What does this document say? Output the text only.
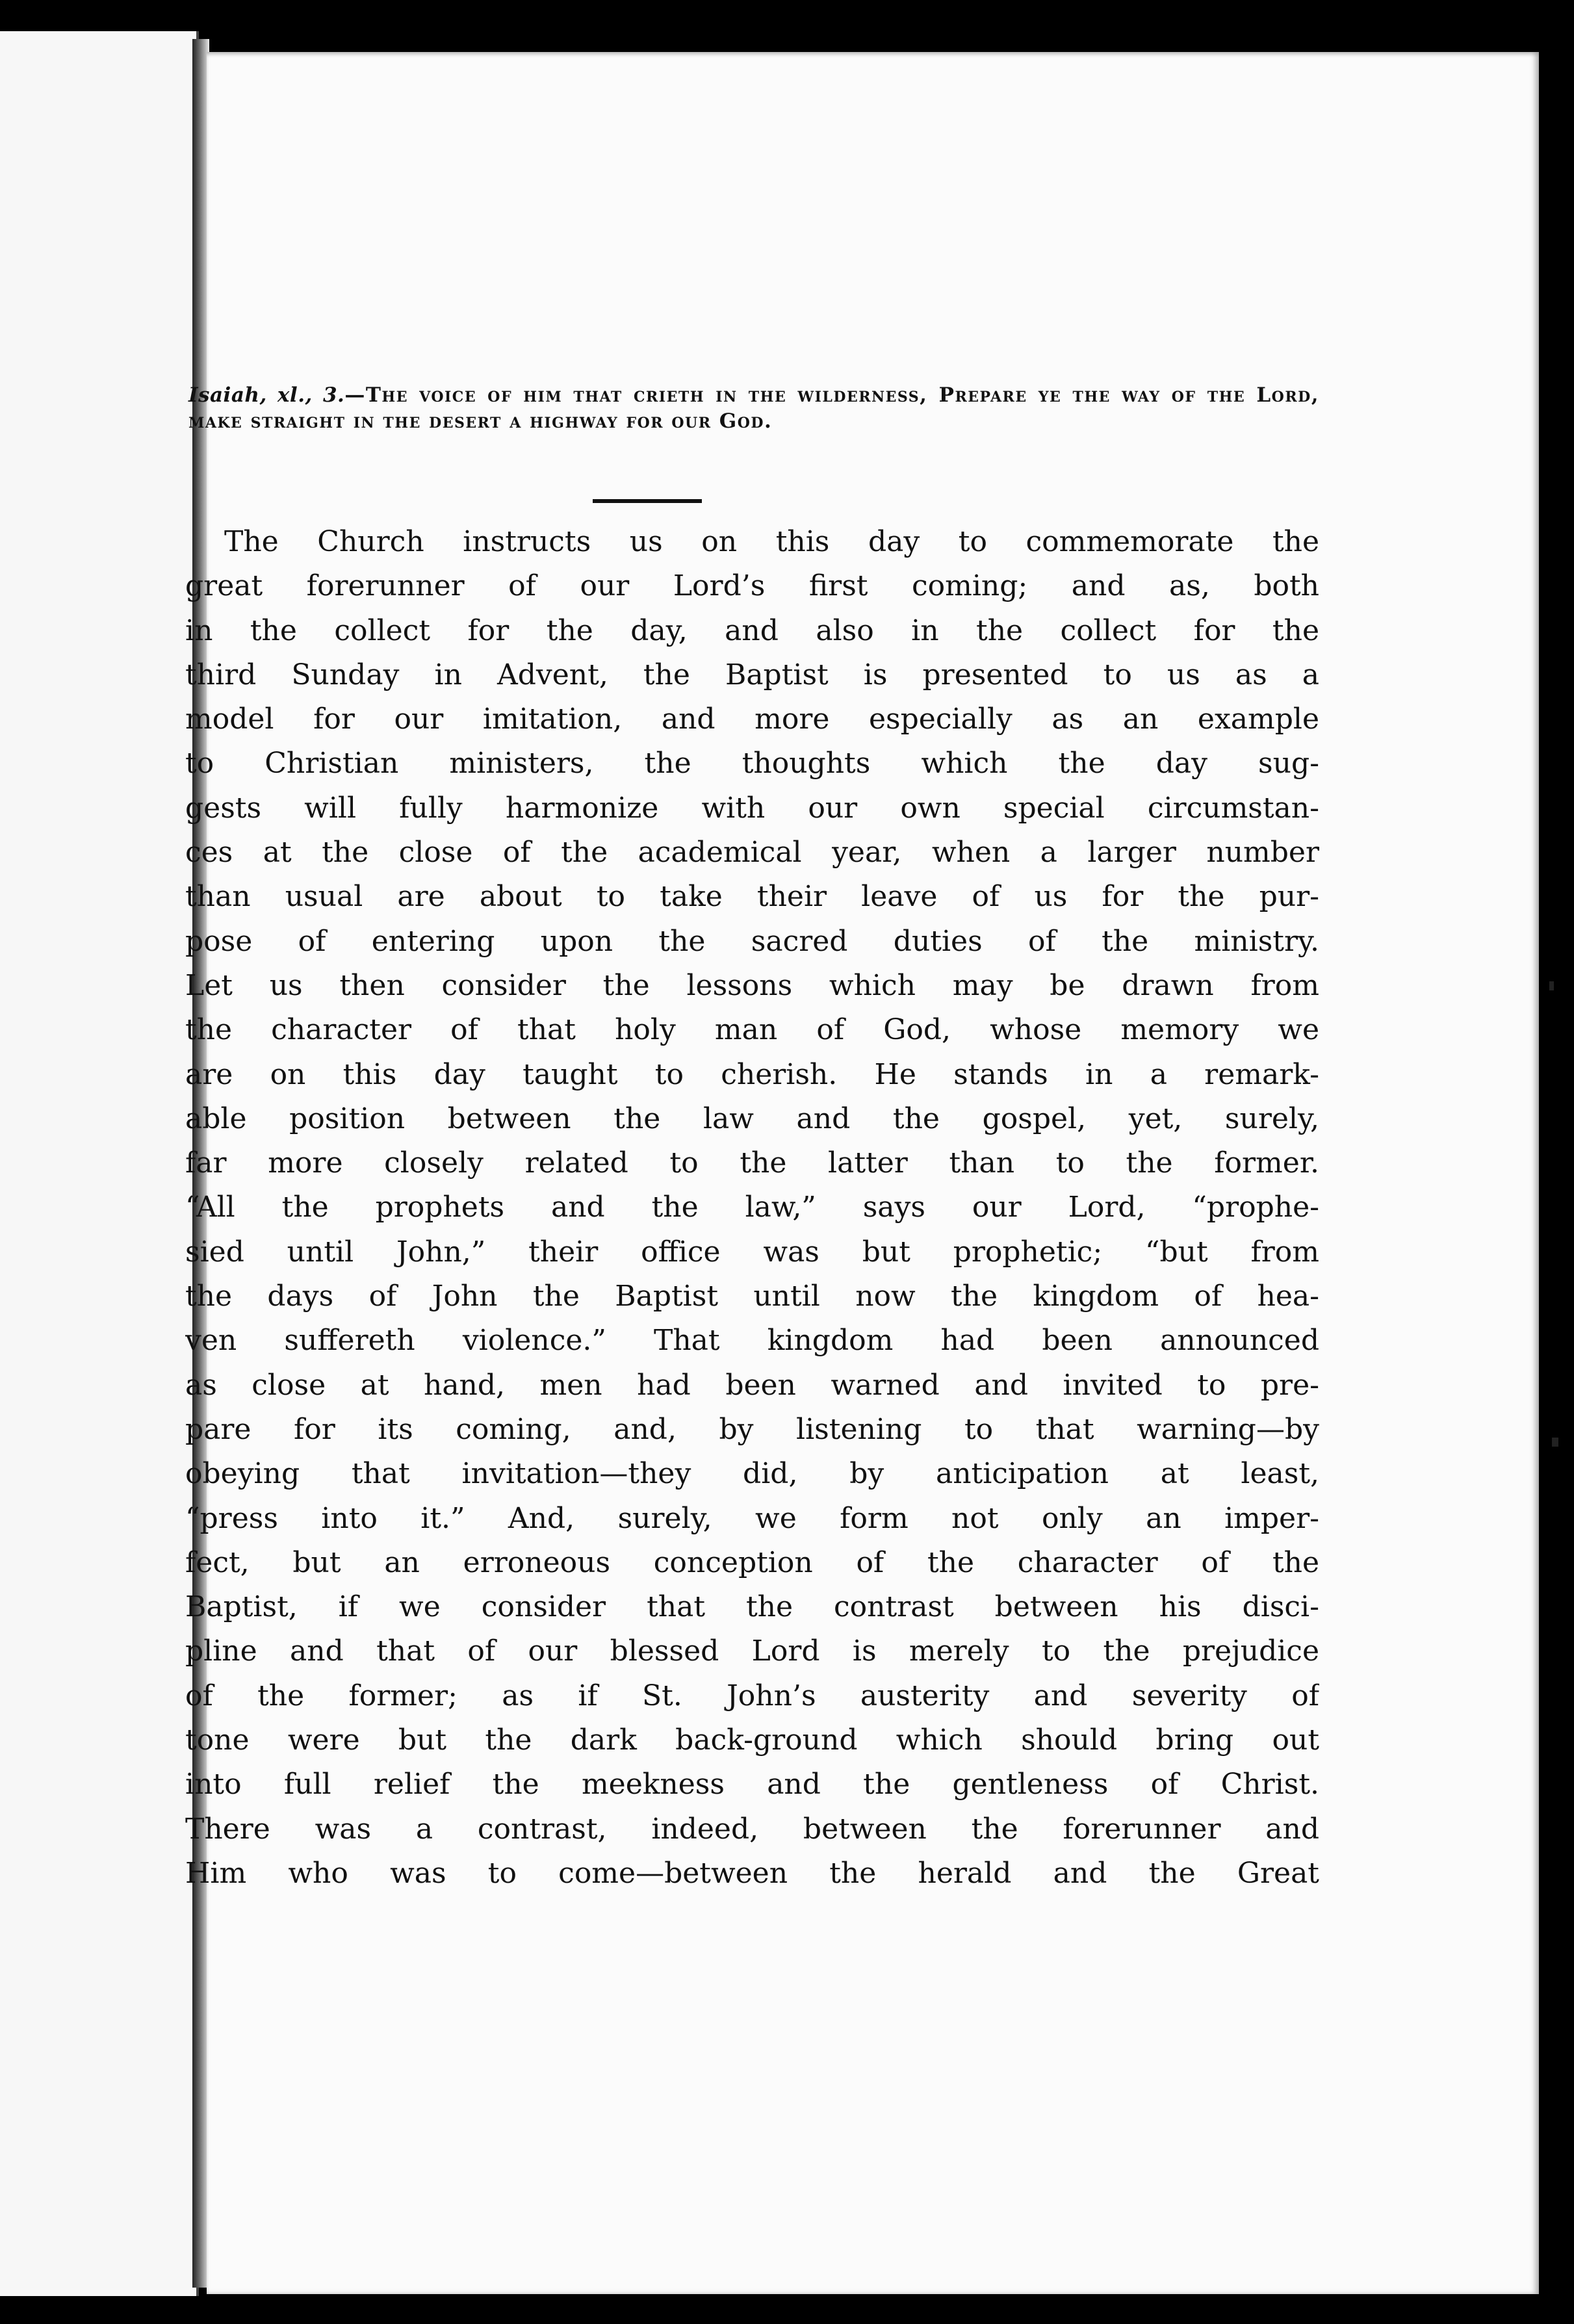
Isaiah, xl., 3.—The voice of him that crieth in the wilderness, Prepare ye the way of the Lord, make straight in the desert a highway for our God.
The Church instructs us on this day to commemorate the
great forerunner of our Lord’s first coming; and as, both
in the collect for the day, and also in the collect for the
third Sunday in Advent, the Baptist is presented to us as a
model for our imitation, and more especially as an example
to Christian ministers, the thoughts which the day sug-
gests will fully harmonize with our own special circumstan-
ces at the close of the academical year, when a larger number
than usual are about to take their leave of us for the pur-
pose of entering upon the sacred duties of the ministry.
Let us then consider the lessons which may be drawn from
the character of that holy man of God, whose memory we
are on this day taught to cherish. He stands in a remark-
able position between the law and the gospel, yet, surely,
far more closely related to the latter than to the former.
“All the prophets and the law,” says our Lord, “prophe-
sied until John,” their office was but prophetic; “but from
the days of John the Baptist until now the kingdom of hea-
ven suffereth violence.” That kingdom had been announced
as close at hand, men had been warned and invited to pre-
pare for its coming, and, by listening to that warning—by
obeying that invitation—they did, by anticipation at least,
“press into it.” And, surely, we form not only an imper-
fect, but an erroneous conception of the character of the
Baptist, if we consider that the contrast between his disci-
pline and that of our blessed Lord is merely to the prejudice
of the former; as if St. John’s austerity and severity of
tone were but the dark back-ground which should bring out
into full relief the meekness and the gentleness of Christ.
There was a contrast, indeed, between the forerunner and
Him who was to come—between the herald and the Great
